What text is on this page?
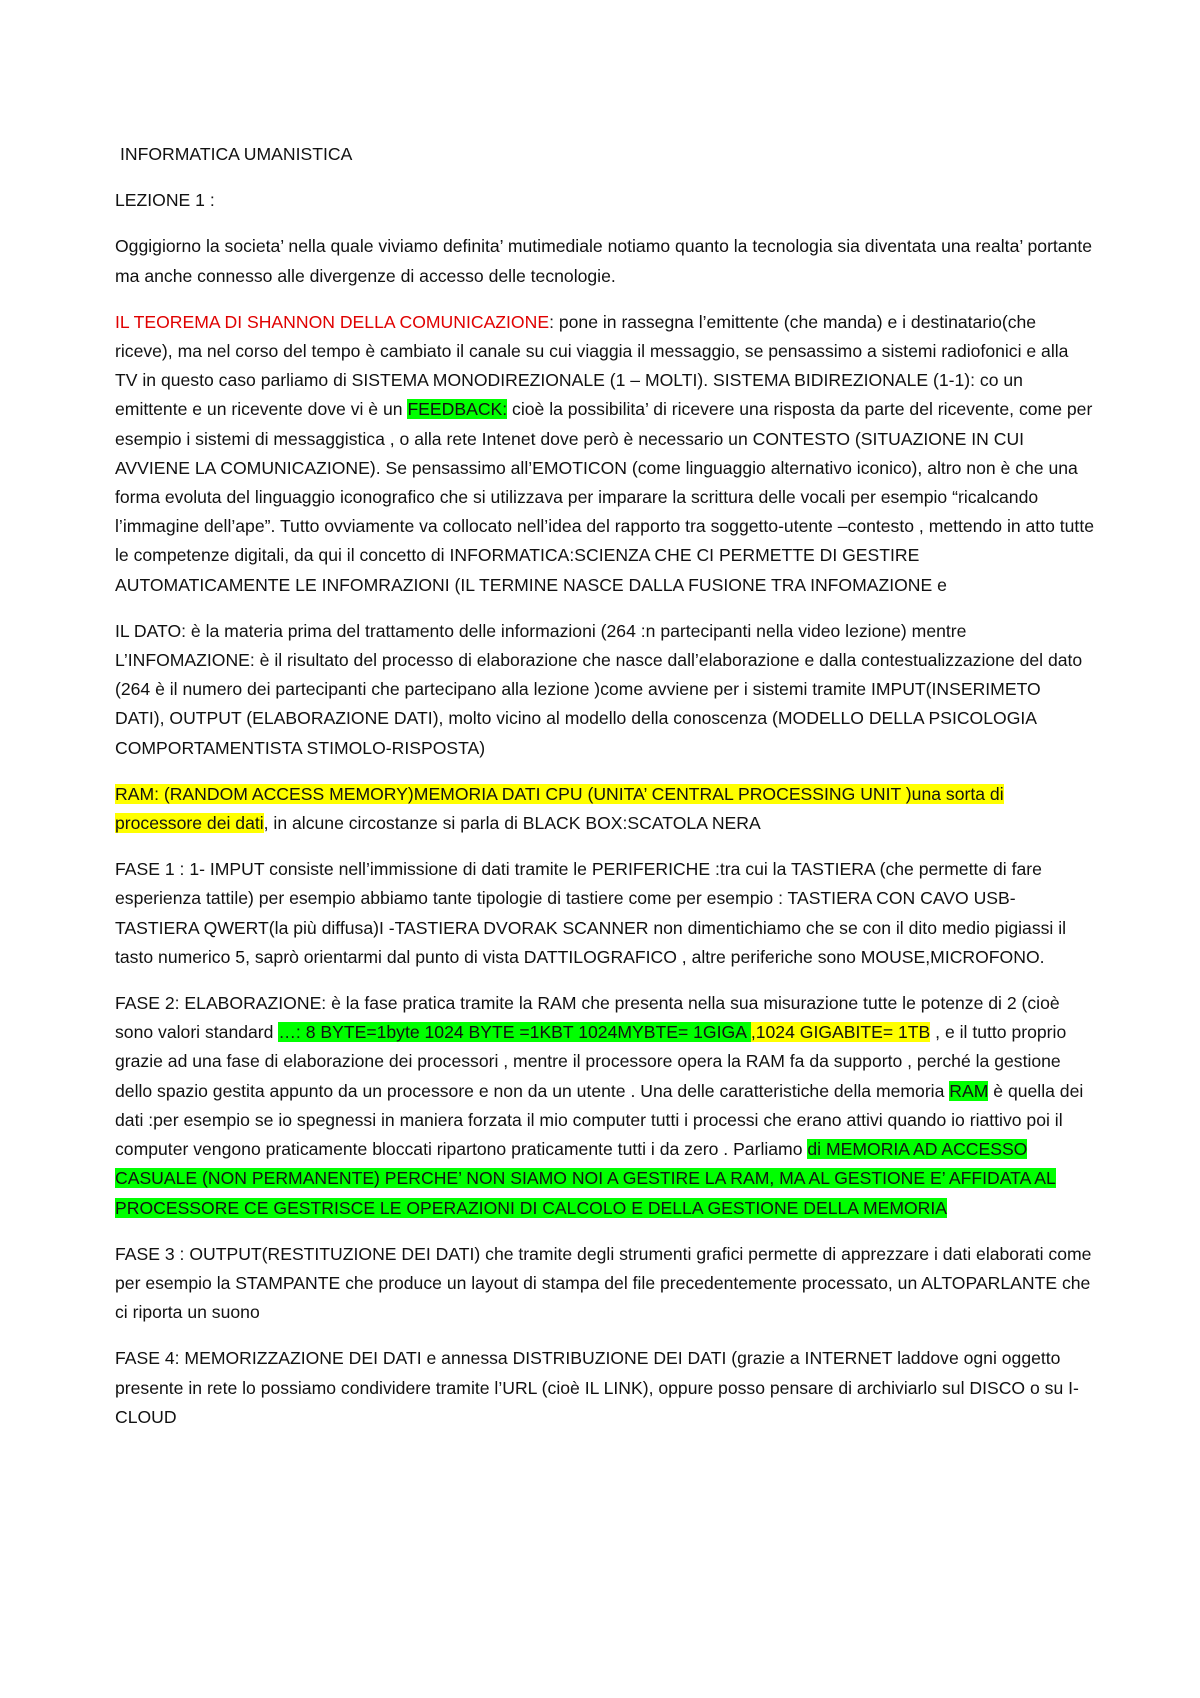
INFORMATICA UMANISTICA

LEZIONE 1 :

Oggigiorno la societa’ nella quale viviamo definita’ mutimediale notiamo quanto la tecnologia sia diventata una realta’ portante ma anche connesso alle divergenze di accesso delle tecnologie.

IL TEOREMA DI SHANNON DELLA COMUNICAZIONE: pone in rassegna l’emittente (che manda) e i destinatario(che riceve), ma nel corso del tempo è cambiato il canale su cui viaggia il messaggio, se pensassimo a sistemi radiofonici e alla TV in questo caso parliamo di SISTEMA MONODIREZIONALE (1 – MOLTI). SISTEMA BIDIREZIONALE (1-1): co un emittente e un ricevente dove vi è un FEEDBACK: cioè la possibilita’ di ricevere una risposta da parte del ricevente, come per esempio i sistemi di messaggistica , o alla rete Intenet dove però è necessario un CONTESTO (SITUAZIONE IN CUI AVVIENE LA COMUNICAZIONE). Se pensassimo all’EMOTICON (come linguaggio alternativo iconico), altro non è che una forma evoluta del linguaggio iconografico che si utilizzava per imparare la scrittura delle vocali per esempio “ricalcando l’immagine dell’ape”. Tutto ovviamente va collocato nell’idea del rapporto tra soggetto-utente –contesto , mettendo in atto tutte le competenze digitali, da qui il concetto di INFORMATICA:SCIENZA CHE CI PERMETTE DI GESTIRE AUTOMATICAMENTE LE INFOMRAZIONI (IL TERMINE NASCE DALLA FUSIONE TRA INFOMAZIONE e

IL DATO: è la materia prima del trattamento delle informazioni (264 :n partecipanti nella video lezione) mentre L’INFOMAZIONE: è il risultato del processo di elaborazione che nasce dall’elaborazione e dalla contestualizzazione del dato (264 è il numero dei partecipanti che partecipano alla lezione )come avviene per i sistemi tramite IMPUT(INSERIMETO DATI), OUTPUT (ELABORAZIONE DATI), molto vicino al modello della conoscenza (MODELLO DELLA PSICOLOGIA COMPORTAMENTISTA STIMOLO-RISPOSTA)

RAM: (RANDOM ACCESS MEMORY)MEMORIA DATI CPU (UNITA’ CENTRAL PROCESSING UNIT )una sorta di processore dei dati, in alcune circostanze si parla di BLACK BOX:SCATOLA NERA

FASE 1 : 1- IMPUT consiste nell’immissione di dati tramite le PERIFERICHE :tra cui la TASTIERA (che permette di fare esperienza tattile) per esempio abbiamo tante tipologie di tastiere come per esempio : TASTIERA CON CAVO USB-TASTIERA QWERT(la più diffusa)I -TASTIERA DVORAK SCANNER non dimentichiamo che se con il dito medio pigiassi il tasto numerico 5, saprò orientarmi dal punto di vista DATTILOGRAFICO , altre periferiche sono MOUSE,MICROFONO.

FASE 2: ELABORAZIONE: è la fase pratica tramite la RAM che presenta nella sua misurazione tutte le potenze di 2 (cioè sono valori standard …: 8 BYTE=1byte 1024 BYTE =1KBT 1024MYBTE= 1GIGA ,1024 GIGABITE= 1TB , e il tutto proprio grazie ad una fase di elaborazione dei processori , mentre il processore opera la RAM fa da supporto , perché la gestione dello spazio gestita appunto da un processore e non da un utente . Una delle caratteristiche della memoria RAM è quella dei dati :per esempio se io spegnessi in maniera forzata il mio computer tutti i processi che erano attivi quando io riattivo poi il computer vengono praticamente bloccati ripartono praticamente tutti i da zero . Parliamo di MEMORIA AD ACCESSO CASUALE (NON PERMANENTE) PERCHE’ NON SIAMO NOI A GESTIRE LA RAM, MA AL GESTIONE E’ AFFIDATA AL PROCESSORE CE GESTRISCE LE OPERAZIONI DI CALCOLO E DELLA GESTIONE DELLA MEMORIA

FASE 3 : OUTPUT(RESTITUZIONE DEI DATI) che tramite degli strumenti grafici permette di apprezzare i dati elaborati come per esempio la STAMPANTE che produce un layout di stampa del file precedentemente processato, un ALTOPARLANTE che ci riporta un suono

FASE 4: MEMORIZZAZIONE DEI DATI e annessa DISTRIBUZIONE DEI DATI (grazie a INTERNET laddove ogni oggetto presente in rete lo possiamo condividere tramite l’URL (cioè IL LINK), oppure posso pensare di archiviarlo sul DISCO o su I-CLOUD
